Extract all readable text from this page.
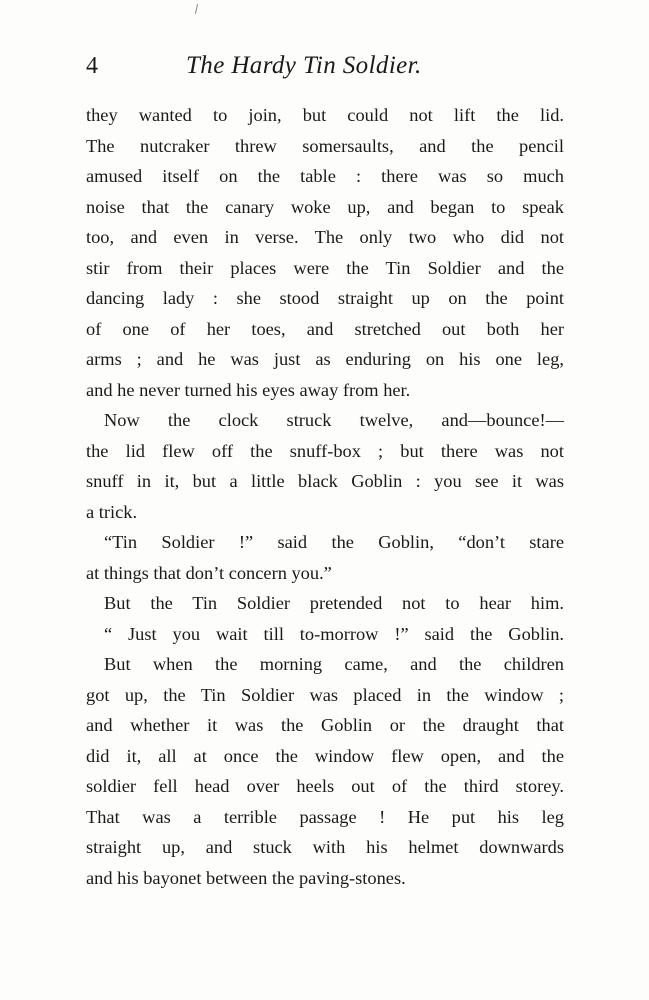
4	The Hardy Tin Soldier.
they wanted to join, but could not lift the lid.
The nutcraker threw somersaults, and the pencil
amused itself on the table : there was so much
noise that the canary woke up, and began to speak
too, and even in verse. The only two who did not
stir from their places were the Tin Soldier and the
dancing lady : she stood straight up on the point
of one of her toes, and stretched out both her
arms ; and he was just as enduring on his one leg,
and he never turned his eyes away from her.
Now the clock struck twelve, and—bounce!—
the lid flew off the snuff-box ; but there was not
snuff in it, but a little black Goblin : you see it was
a trick.
“Tin Soldier !” said the Goblin, “don’t stare
at things that don’t concern you.”
But the Tin Soldier pretended not to hear him.
“ Just you wait till to-morrow !” said the Goblin.
But when the morning came, and the children
got up, the Tin Soldier was placed in the window ;
and whether it was the Goblin or the draught that
did it, all at once the window flew open, and the
soldier fell head over heels out of the third storey.
That was a terrible passage ! He put his leg
straight up, and stuck with his helmet downwards
and his bayonet between the paving-stones.
